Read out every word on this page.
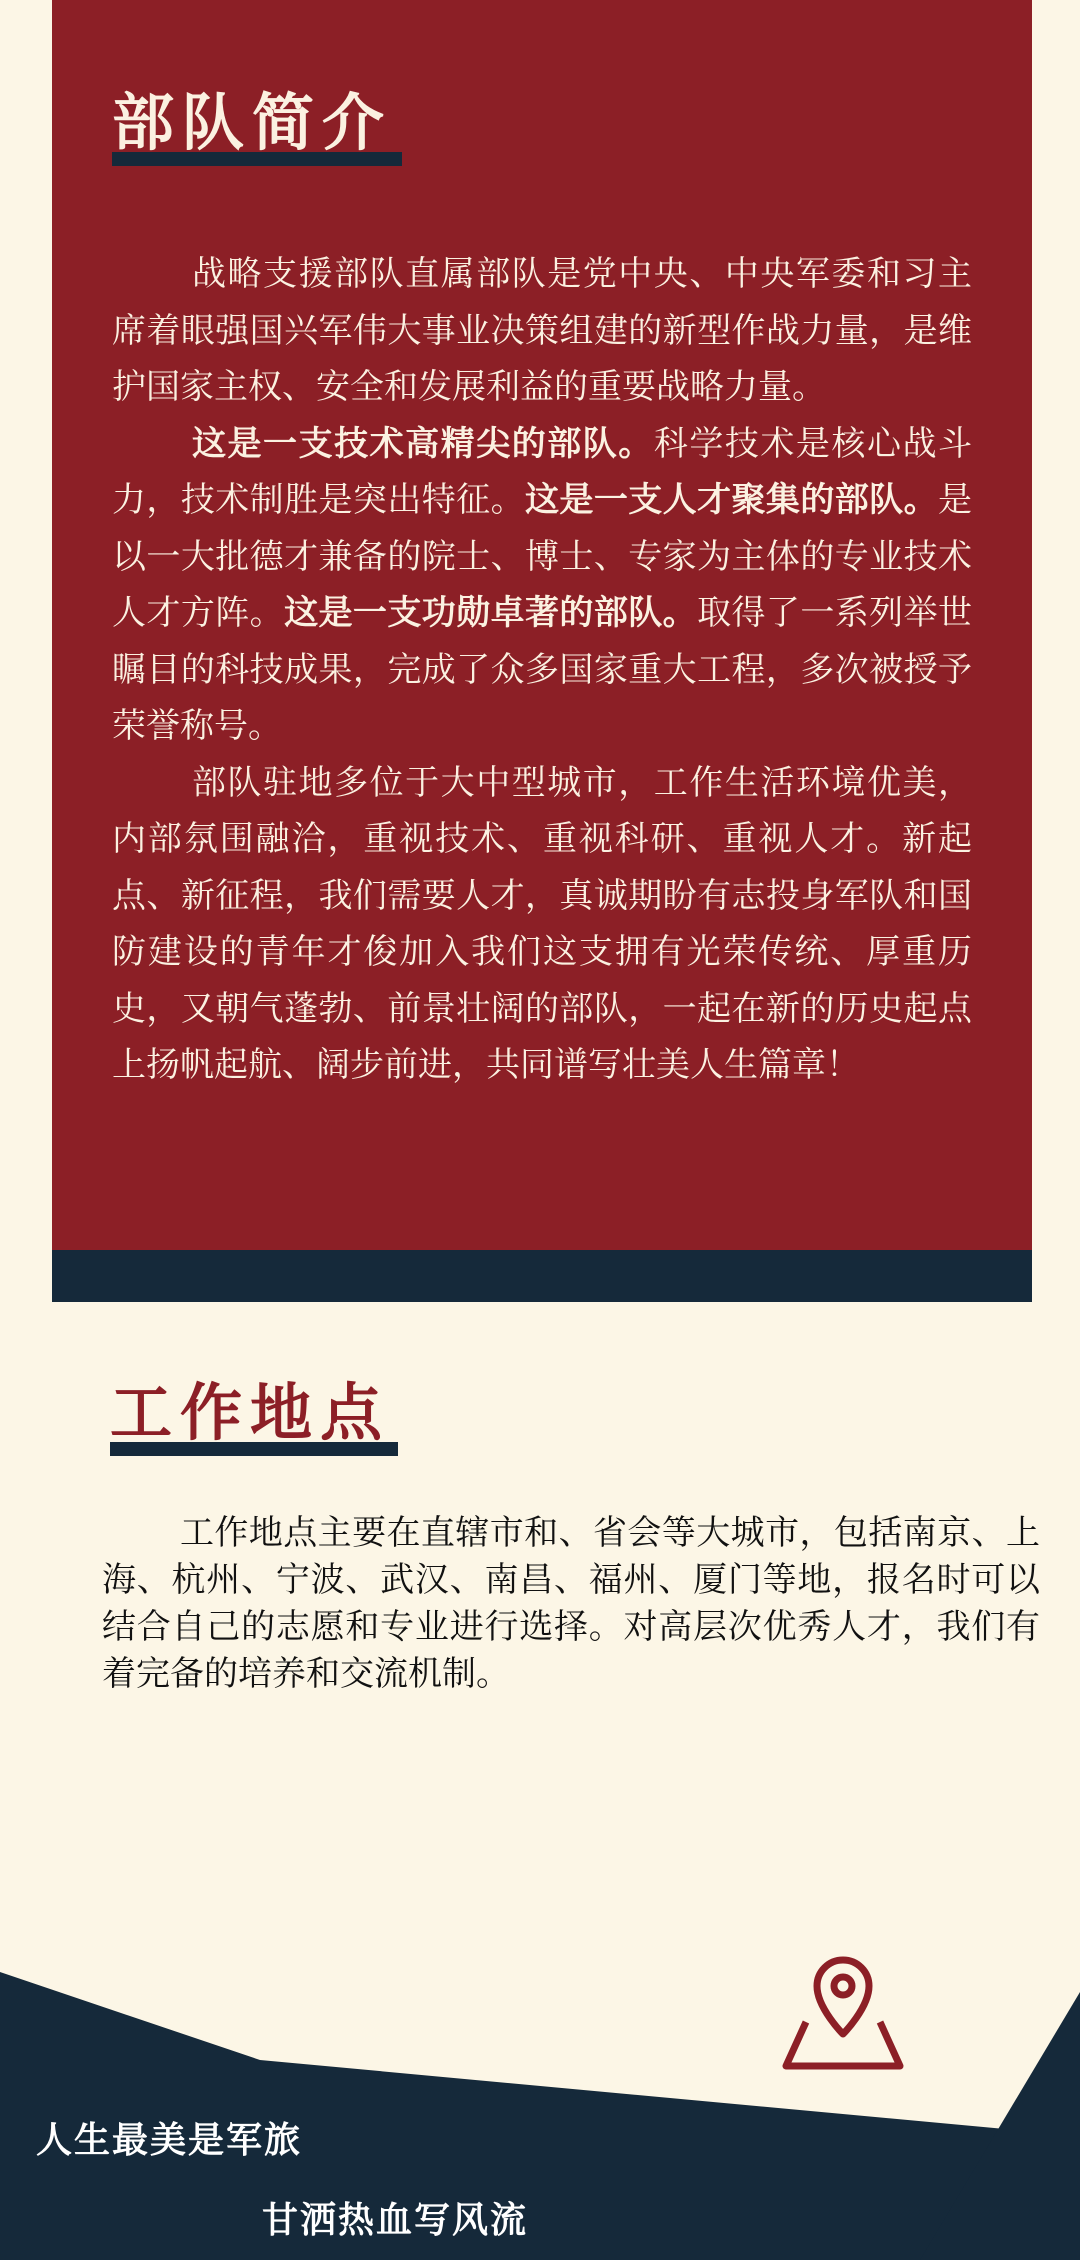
部队简介

战略支援部队直属部队是党中央、中央军委和习主席着眼强国兴军伟大事业决策组建的新型作战力量，是维护国家主权、安全和发展利益的重要战略力量。

这是一支技术高精尖的部队。科学技术是核心战斗力，技术制胜是突出特征。这是一支人才聚集的部队。是以一大批德才兼备的院士、博士、专家为主体的专业技术人才方阵。这是一支功勋卓著的部队。取得了一系列举世瞩目的科技成果，完成了众多国家重大工程，多次被授予荣誉称号。

部队驻地多位于大中型城市，工作生活环境优美，内部氛围融洽，重视技术、重视科研、重视人才。新起点、新征程，我们需要人才，真诚期盼有志投身军队和国防建设的青年才俊加入我们这支拥有光荣传统、厚重历史，又朝气蓬勃、前景壮阔的部队，一起在新的历史起点上扬帆起航、阔步前进，共同谱写壮美人生篇章！

工作地点

工作地点主要在直辖市和、省会等大城市，包括南京、上海、杭州、宁波、武汉、南昌、福州、厦门等地，报名时可以结合自己的志愿和专业进行选择。对高层次优秀人才，我们有着完备的培养和交流机制。

人生最美是军旅
甘洒热血写风流
